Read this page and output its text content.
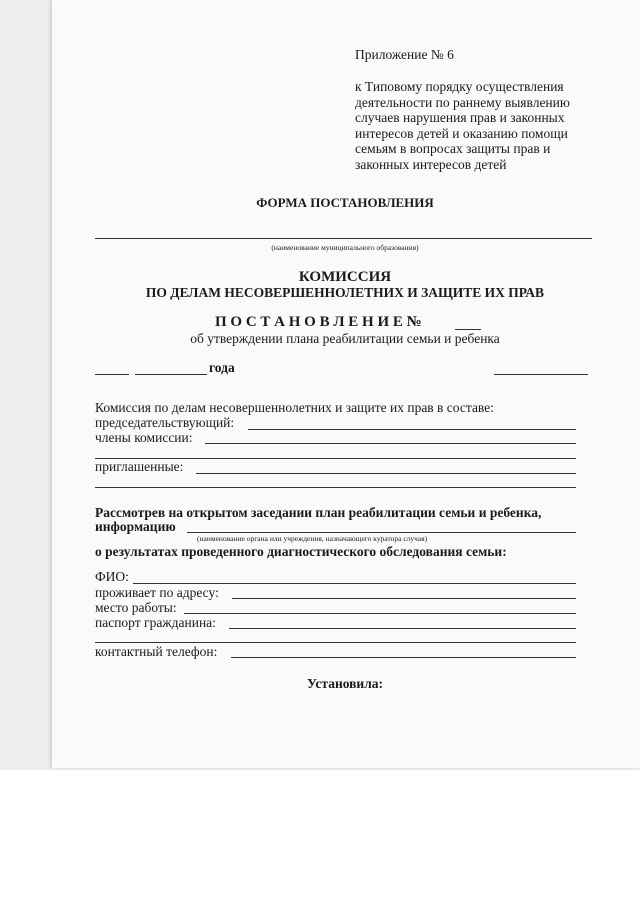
Приложение № 6
к Типовому порядку осуществления
деятельности по раннему выявлению
случаев нарушения прав и законных
интересов детей и оказанию помощи
семьям в вопросах защиты прав и
законных интересов детей
ФОРМА ПОСТАНОВЛЕНИЯ
(наименование муниципального образования)
КОМИССИЯ
ПО ДЕЛАМ НЕСОВЕРШЕННОЛЕТНИХ И ЗАЩИТЕ ИХ ПРАВ
П О С Т А Н О В Л Е Н И Е №
об утверждении плана реабилитации семьи и ребенка
года
Комиссия по делам несовершеннолетних и защите их прав в составе:
председательствующий:
члены комиссии:
приглашенные:
Рассмотрев на открытом заседании план реабилитации семьи и ребенка,
информацию
(наименование органа или учреждения, назначающего куратора случая)
о результатах проведенного диагностического обследования семьи:
ФИО:
проживает по адресу:
место работы:
паспорт гражданина:
контактный телефон:
Установила:
